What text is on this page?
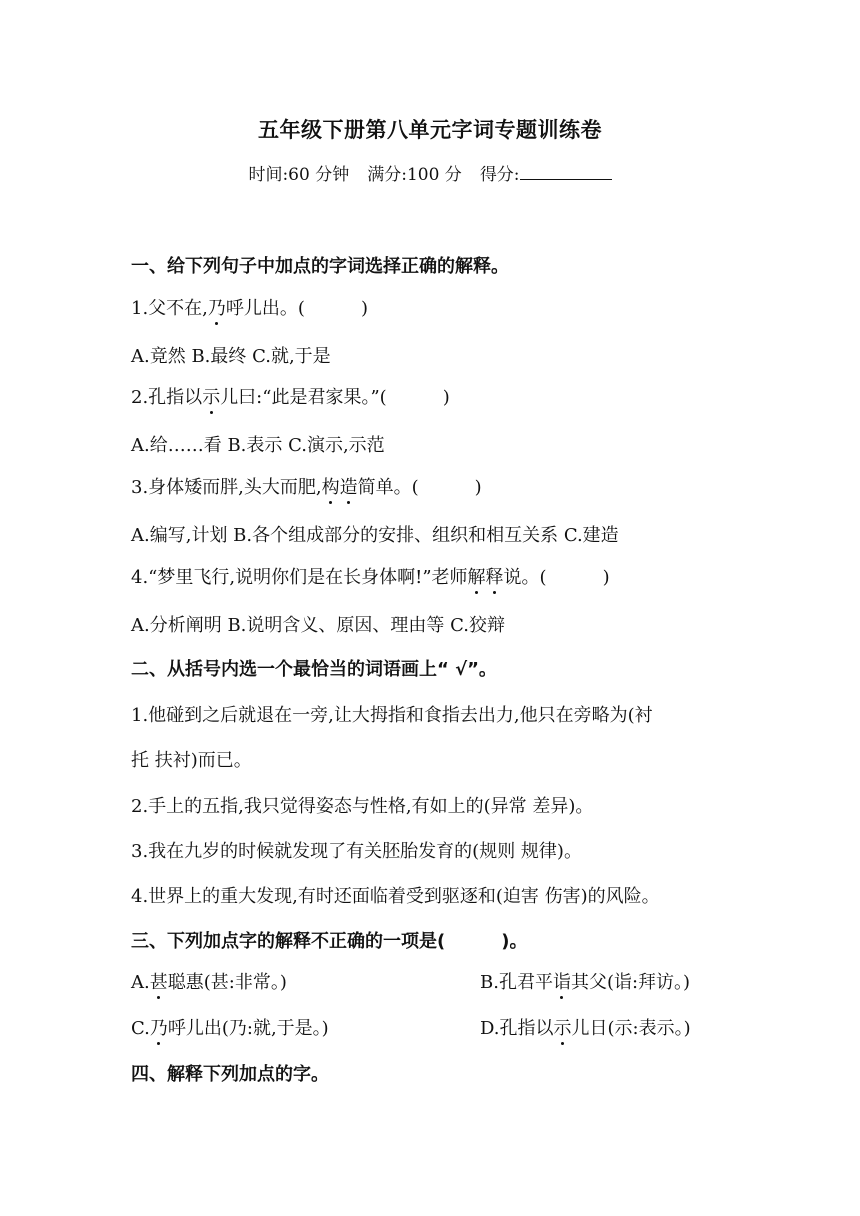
五年级下册第八单元字词专题训练卷
时间:60 分钟 满分:100 分 得分:
一、给下列句子中加点的字词选择正确的解释。
1.父不在,乃呼儿出。(	)
A.竟然 B.最终 C.就,于是
2.孔指以示儿曰:“此是君家果。”(	)
A.给……看 B.表示 C.演示,示范
3.身体矮而胖,头大而肥,构造简单。(	)
A.编写,计划 B.各个组成部分的安排、组织和相互关系 C.建造
4.“梦里飞行,说明你们是在长身体啊!”老师解释说。(	)
A.分析阐明 B.说明含义、原因、理由等 C.狡辩
二、从括号内选一个最恰当的词语画上“ √”。
1.他碰到之后就退在一旁,让大拇指和食指去出力,他只在旁略为(衬
托 扶衬)而已。
2.手上的五指,我只觉得姿态与性格,有如上的(异常 差异)。
3.我在九岁的时候就发现了有关胚胎发育的(规则 规律)。
4.世界上的重大发现,有时还面临着受到驱逐和(迫害 伤害)的风险。
三、下列加点字的解释不正确的一项是(	)。
A.甚聪惠(甚:非常。)	B.孔君平诣其父(诣:拜访。)
C.乃呼儿出(乃:就,于是。)	D.孔指以示儿日(示:表示。)
四、解释下列加点的字。
